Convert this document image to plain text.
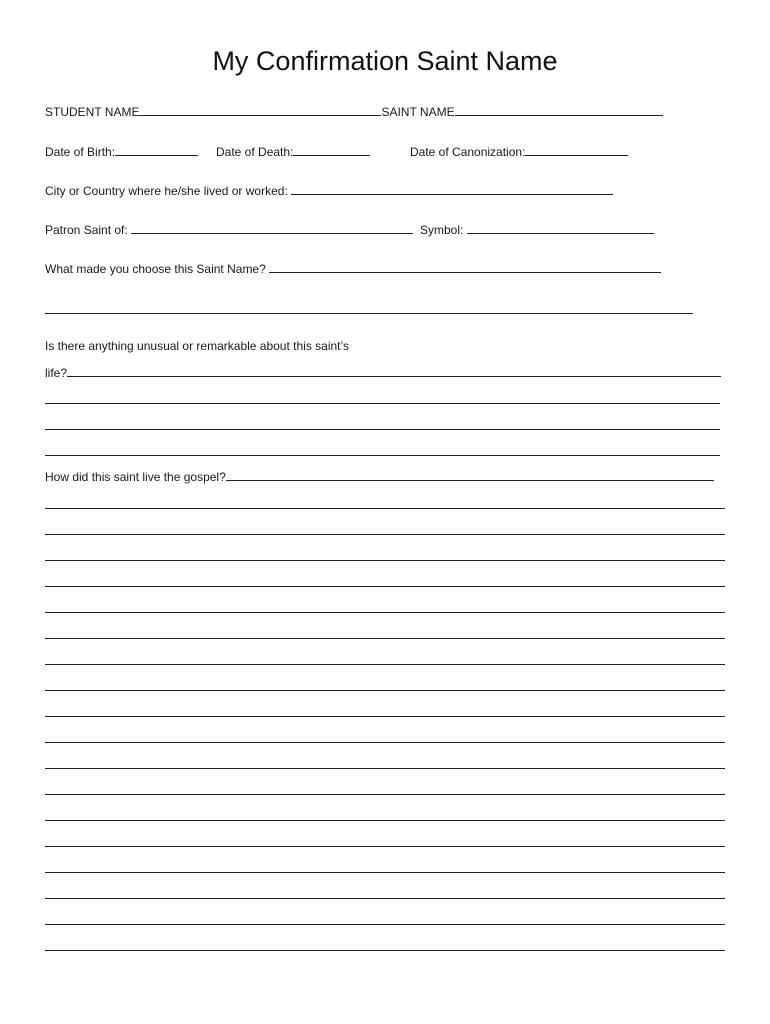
My Confirmation Saint Name
STUDENT NAME	SAINT NAME
Date of Birth:	Date of Death:	Date of Canonization:
City or Country where he/she lived or worked:
Patron Saint of:	Symbol:
What made you choose this Saint Name?
Is there anything unusual or remarkable about this saint’s
life?
How did this saint live the gospel?
